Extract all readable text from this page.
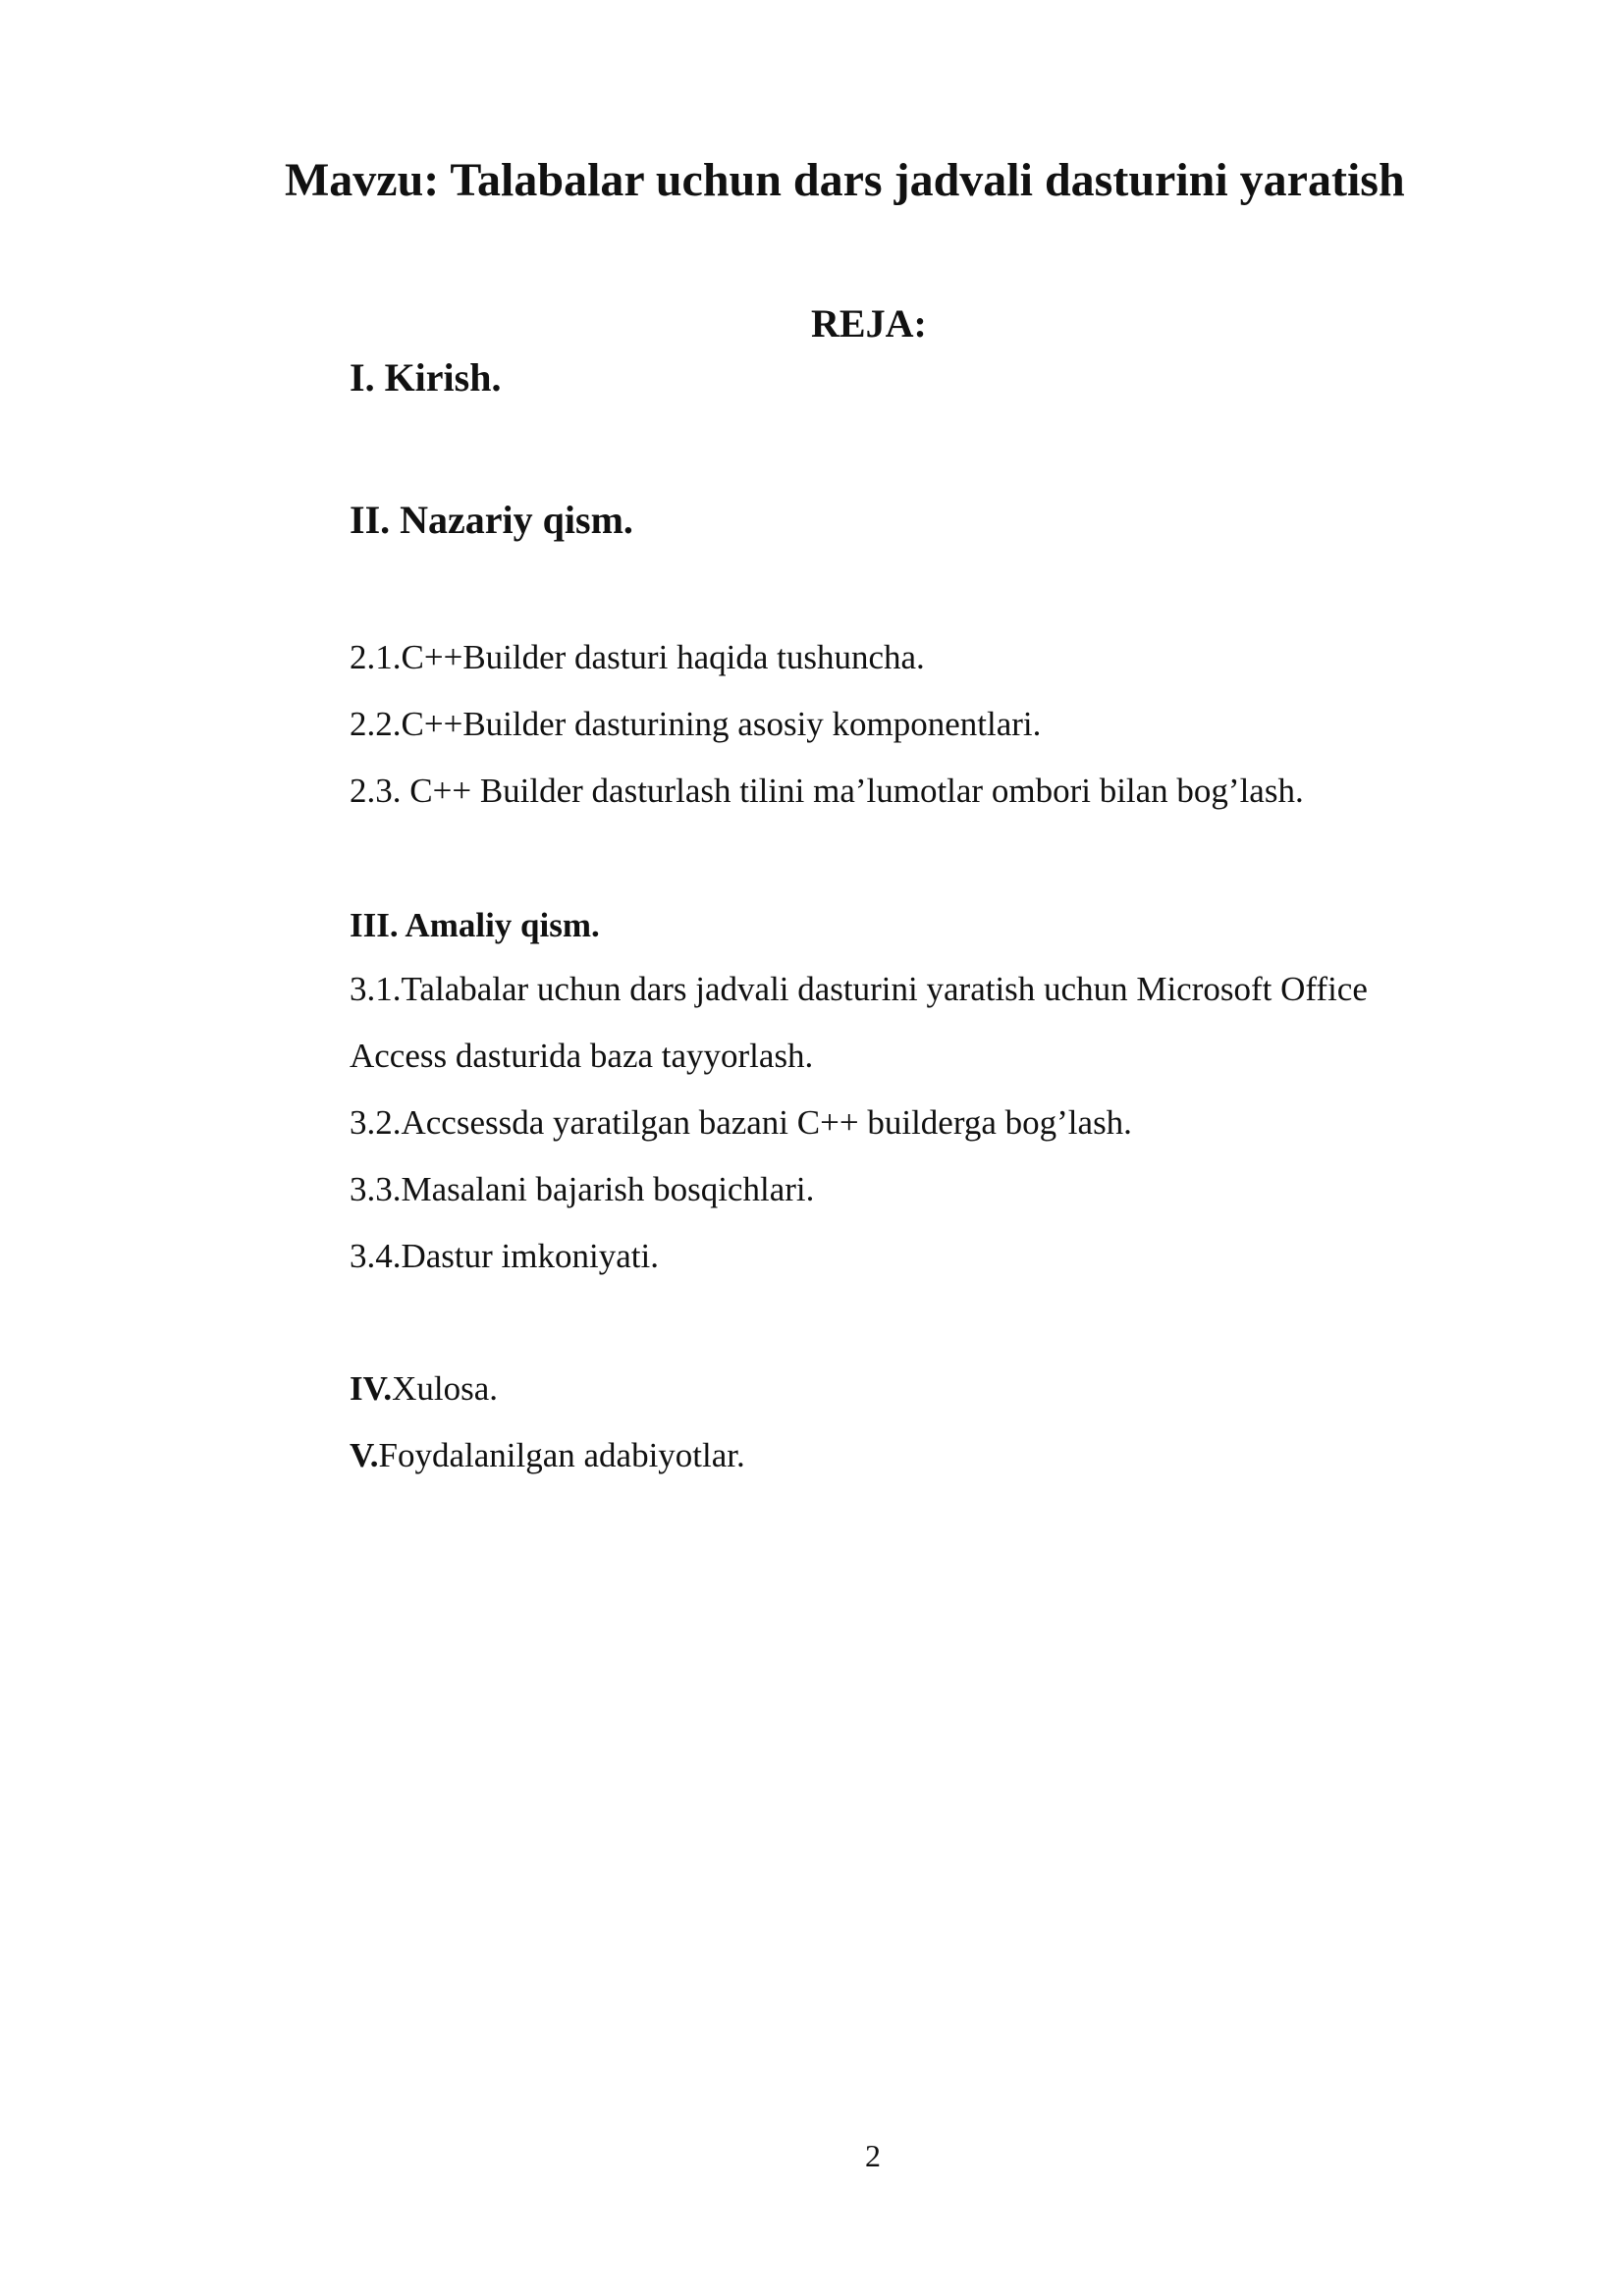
Mavzu: Talabalar uchun dars jadvali dasturini yaratish
REJA:
I. Kirish.
II. Nazariy qism.
2.1.C++Builder dasturi haqida tushuncha.
2.2.C++Builder dasturining asosiy komponentlari.
2.3. C++ Builder dasturlash tilini ma’lumotlar ombori bilan bog’lash.
III. Amaliy qism.
3.1.Talabalar uchun dars jadvali dasturini yaratish uchun Microsoft Office
Access dasturida baza tayyorlash.
3.2.Accsessda yaratilgan bazani C++ builderga bog’lash.
3.3.Masalani bajarish bosqichlari.
3.4.Dastur imkoniyati.
IV.Xulosa.
V.Foydalanilgan adabiyotlar.
2
